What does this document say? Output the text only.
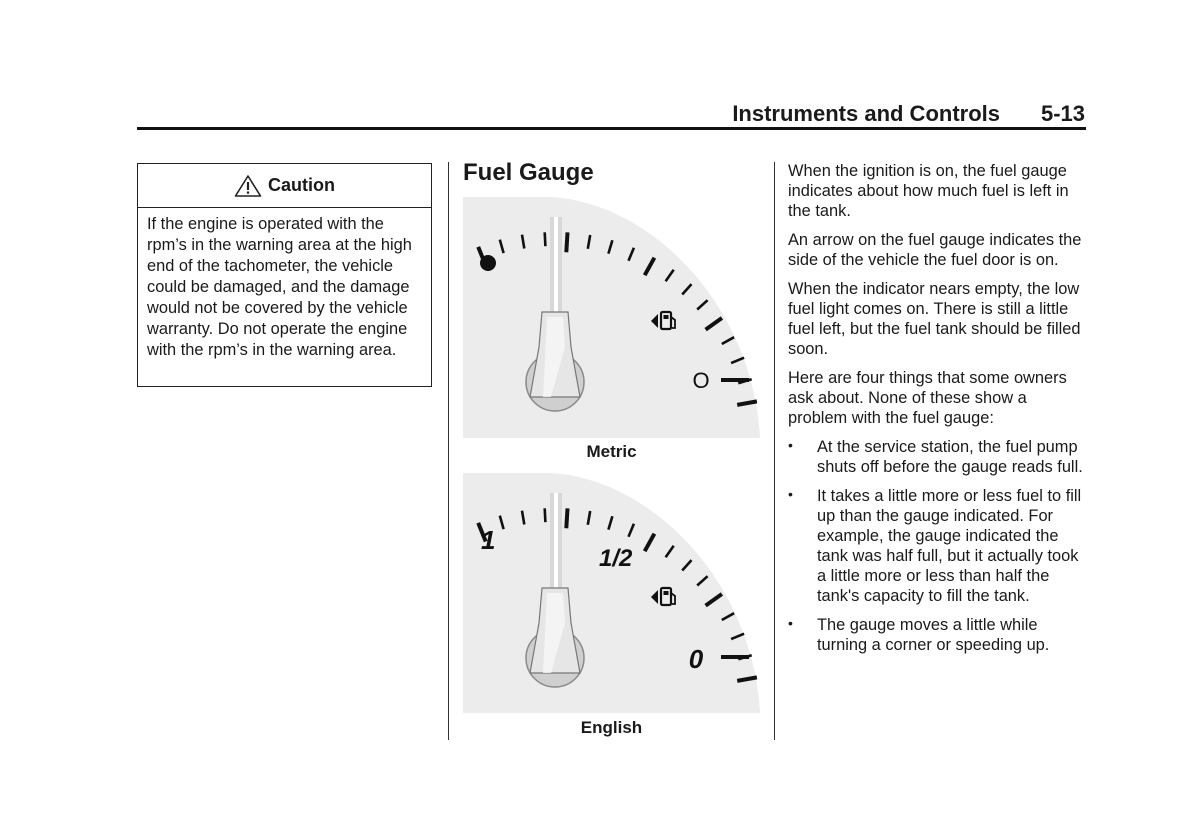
Instruments and Controls	5-13
Caution
If the engine is operated with the rpm’s in the warning area at the high end of the tachometer, the vehicle could be damaged, and the damage would not be covered by the vehicle warranty. Do not operate the engine with the rpm’s in the warning area.
Fuel Gauge
O
Metric
1
1/2
0
English

When the ignition is on, the fuel gauge indicates about how much fuel is left in the tank.

An arrow on the fuel gauge indicates the side of the vehicle the fuel door is on.

When the indicator nears empty, the low fuel light comes on. There is still a little fuel left, but the fuel tank should be filled soon.

Here are four things that some owners ask about. None of these show a problem with the fuel gauge:

• At the service station, the fuel pump shuts off before the gauge reads full.
• It takes a little more or less fuel to fill up than the gauge indicated. For example, the gauge indicated the tank was half full, but it actually took a little more or less than half the tank's capacity to fill the tank.
• The gauge moves a little while turning a corner or speeding up.
